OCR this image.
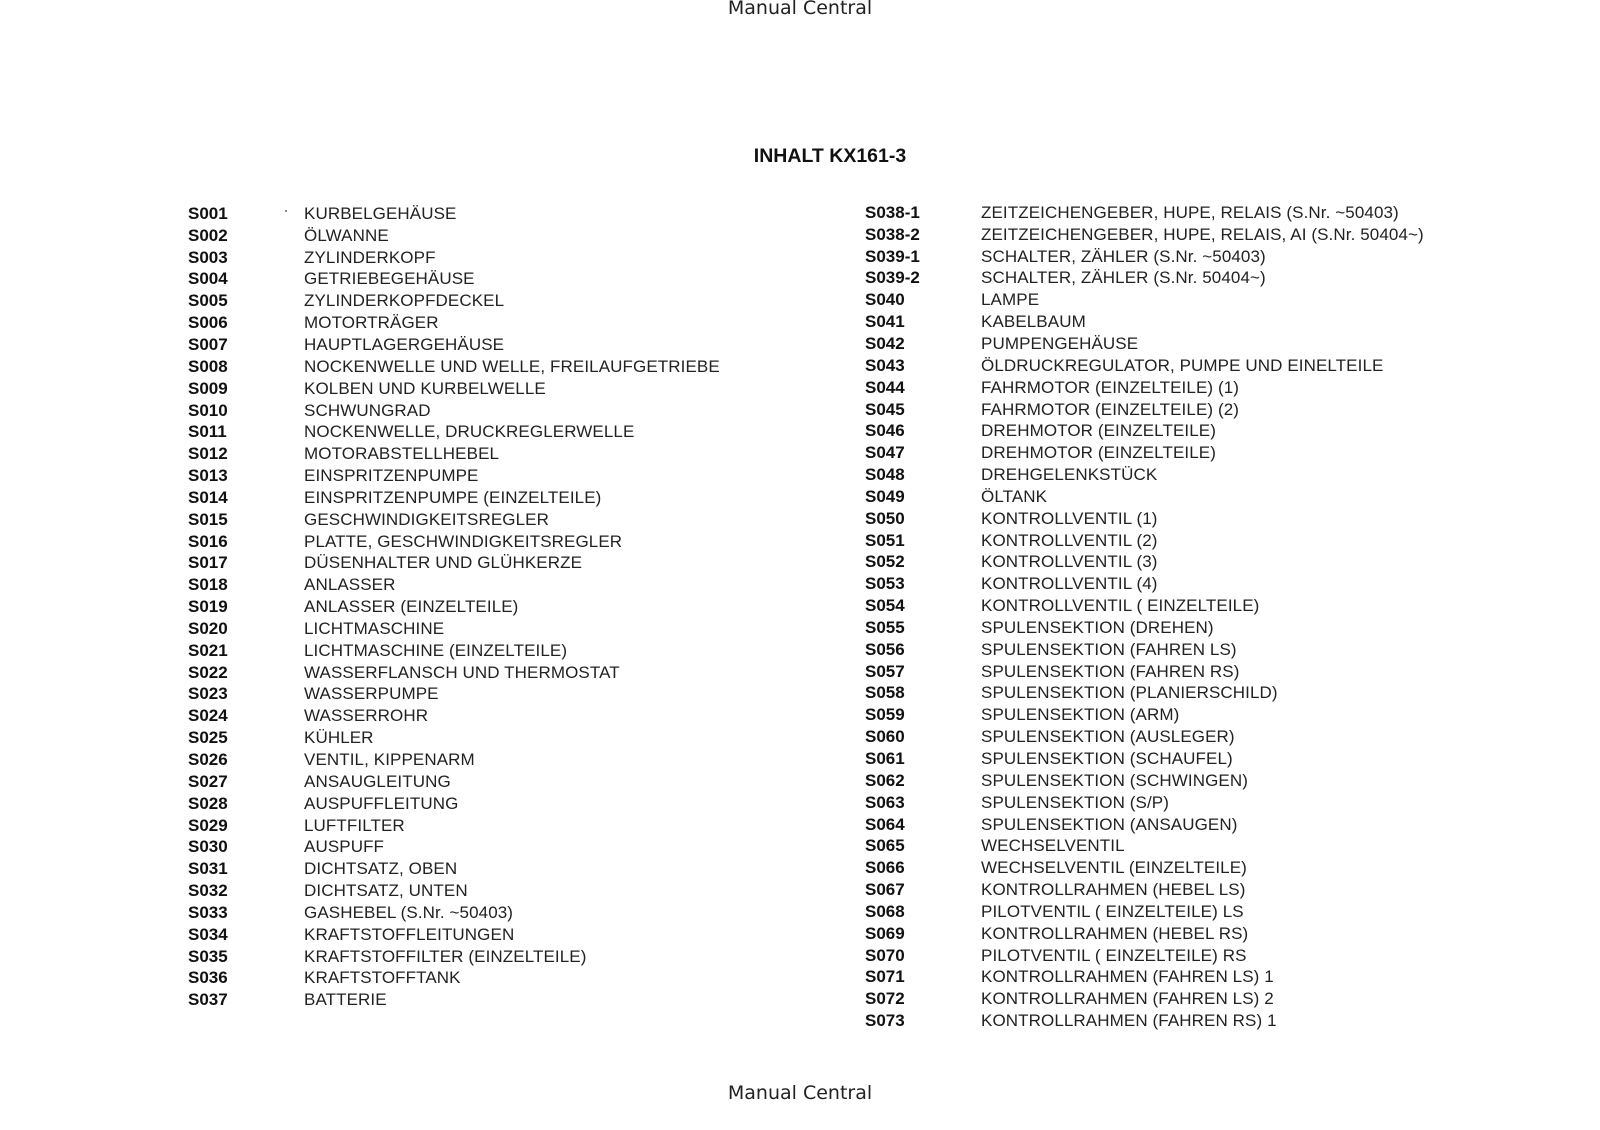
Manual Central
INHALT KX161-3
S001	KURBELGEHÄUSE
S002	ÖLWANNE
S003	ZYLINDERKOPF
S004	GETRIEBEGEHÄUSE
S005	ZYLINDERKOPFDECKEL
S006	MOTORTRÄGER
S007	HAUPTLAGERGEHÄUSE
S008	NOCKENWELLE UND WELLE, FREILAUFGETRIEBE
S009	KOLBEN UND KURBELWELLE
S010	SCHWUNGRAD
S011	NOCKENWELLE, DRUCKREGLERWELLE
S012	MOTORABSTELLHEBEL
S013	EINSPRITZENPUMPE
S014	EINSPRITZENPUMPE (EINZELTEILE)
S015	GESCHWINDIGKEITSREGLER
S016	PLATTE, GESCHWINDIGKEITSREGLER
S017	DÜSENHALTER UND GLÜHKERZE
S018	ANLASSER
S019	ANLASSER (EINZELTEILE)
S020	LICHTMASCHINE
S021	LICHTMASCHINE (EINZELTEILE)
S022	WASSERFLANSCH UND THERMOSTAT
S023	WASSERPUMPE
S024	WASSERROHR
S025	KÜHLER
S026	VENTIL, KIPPENARM
S027	ANSAUGLEITUNG
S028	AUSPUFFLEITUNG
S029	LUFTFILTER
S030	AUSPUFF
S031	DICHTSATZ, OBEN
S032	DICHTSATZ, UNTEN
S033	GASHEBEL (S.Nr. ~50403)
S034	KRAFTSTOFFLEITUNGEN
S035	KRAFTSTOFFILTER (EINZELTEILE)
S036	KRAFTSTOFFTANK
S037	BATTERIE
S038-1	ZEITZEICHENGEBER, HUPE, RELAIS (S.Nr. ~50403)
S038-2	ZEITZEICHENGEBER, HUPE, RELAIS, AI (S.Nr. 50404~)
S039-1	SCHALTER, ZÄHLER (S.Nr. ~50403)
S039-2	SCHALTER, ZÄHLER (S.Nr. 50404~)
S040	LAMPE
S041	KABELBAUM
S042	PUMPENGEHÄUSE
S043	ÖLDRUCKREGULATOR, PUMPE UND EINELTEILE
S044	FAHRMOTOR (EINZELTEILE) (1)
S045	FAHRMOTOR (EINZELTEILE) (2)
S046	DREHMOTOR (EINZELTEILE)
S047	DREHMOTOR (EINZELTEILE)
S048	DREHGELENKSTÜCK
S049	ÖLTANK
S050	KONTROLLVENTIL (1)
S051	KONTROLLVENTIL (2)
S052	KONTROLLVENTIL (3)
S053	KONTROLLVENTIL (4)
S054	KONTROLLVENTIL ( EINZELTEILE)
S055	SPULENSEKTION (DREHEN)
S056	SPULENSEKTION (FAHREN LS)
S057	SPULENSEKTION (FAHREN RS)
S058	SPULENSEKTION (PLANIERSCHILD)
S059	SPULENSEKTION (ARM)
S060	SPULENSEKTION (AUSLEGER)
S061	SPULENSEKTION (SCHAUFEL)
S062	SPULENSEKTION (SCHWINGEN)
S063	SPULENSEKTION (S/P)
S064	SPULENSEKTION (ANSAUGEN)
S065	WECHSELVENTIL
S066	WECHSELVENTIL (EINZELTEILE)
S067	KONTROLLRAHMEN (HEBEL LS)
S068	PILOTVENTIL ( EINZELTEILE) LS
S069	KONTROLLRAHMEN (HEBEL RS)
S070	PILOTVENTIL ( EINZELTEILE) RS
S071	KONTROLLRAHMEN (FAHREN LS) 1
S072	KONTROLLRAHMEN (FAHREN LS) 2
S073	KONTROLLRAHMEN (FAHREN RS) 1
Manual Central
